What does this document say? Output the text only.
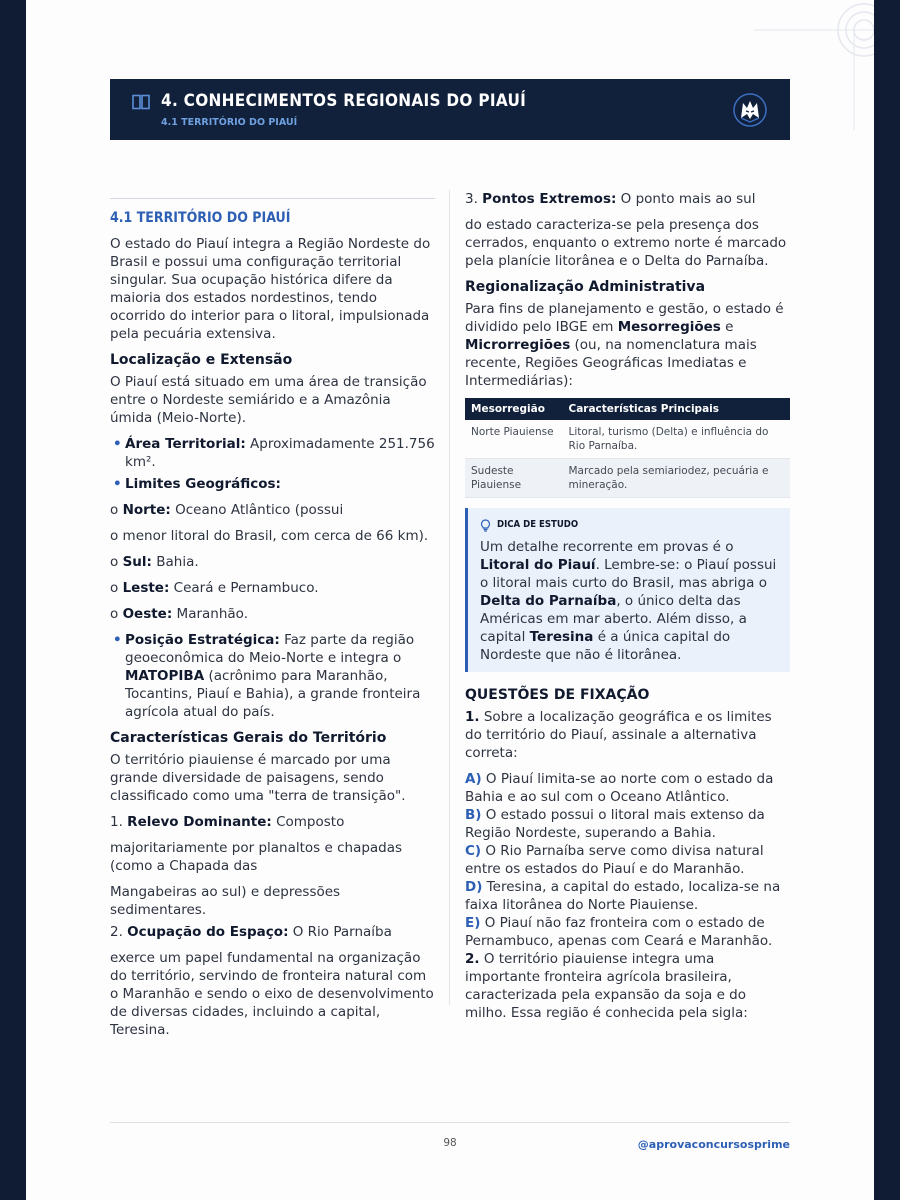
4. CONHECIMENTOS REGIONAIS DO PIAUÍ
4.1 TERRITÓRIO DO PIAUÍ
4.1 TERRITÓRIO DO PIAUÍ

O estado do Piauí integra a Região Nordeste do Brasil e possui uma configuração territorial singular. Sua ocupação histórica difere da maioria dos estados nordestinos, tendo ocorrido do interior para o litoral, impulsionada pela pecuária extensiva.

Localização e Extensão

O Piauí está situado em uma área de transição entre o Nordeste semiárido e a Amazônia úmida (Meio-Norte).

• Área Territorial: Aproximadamente 251.756 km².
• Limites Geográficos:

o Norte: Oceano Atlântico (possui

o menor litoral do Brasil, com cerca de 66 km).

o Sul: Bahia.

o Leste: Ceará e Pernambuco.

o Oeste: Maranhão.

• Posição Estratégica: Faz parte da região geoeconômica do Meio-Norte e integra o MATOPIBA (acrônimo para Maranhão, Tocantins, Piauí e Bahia), a grande fronteira agrícola atual do país.
Características Gerais do Território

O território piauiense é marcado por uma grande diversidade de paisagens, sendo classificado como uma "terra de transição".

1. Relevo Dominante: Composto

majoritariamente por planaltos e chapadas (como a Chapada das

Mangabeiras ao sul) e depressões sedimentares.

2. Ocupação do Espaço: O Rio Parnaíba

exerce um papel fundamental na organização do território, servindo de fronteira natural com o Maranhão e sendo o eixo de desenvolvimento de diversas cidades, incluindo a capital, Teresina.

3. Pontos Extremos: O ponto mais ao sul

do estado caracteriza-se pela presença dos cerrados, enquanto o extremo norte é marcado pela planície litorânea e o Delta do Parnaíba.

Regionalização Administrativa

Para fins de planejamento e gestão, o estado é dividido pelo IBGE em Mesorregiões e Microrregiões (ou, na nomenclatura mais recente, Regiões Geográficas Imediatas e Intermediárias):

Mesorregião	Características Principais
Norte Piauiense	Litoral, turismo (Delta) e influência do Rio Parnaíba.
Sudeste Piauiense	Marcado pela semiariodez, pecuária e mineração.
DICA DE ESTUDO

Um detalhe recorrente em provas é o Litoral do Piauí. Lembre-se: o Piauí possui o litoral mais curto do Brasil, mas abriga o Delta do Parnaíba, o único delta das Américas em mar aberto. Além disso, a capital Teresina é a única capital do Nordeste que não é litorânea.

QUESTÕES DE FIXAÇÃO

1. Sobre a localização geográfica e os limites do território do Piauí, assinale a alternativa correta:

A) O Piauí limita-se ao norte com o estado da Bahia e ao sul com o Oceano Atlântico.

B) O estado possui o litoral mais extenso da Região Nordeste, superando a Bahia.

C) O Rio Parnaíba serve como divisa natural entre os estados do Piauí e do Maranhão.

D) Teresina, a capital do estado, localiza-se na faixa litorânea do Norte Piauiense.

E) O Piauí não faz fronteira com o estado de Pernambuco, apenas com Ceará e Maranhão.

2. O território piauiense integra uma importante fronteira agrícola brasileira, caracterizada pela expansão da soja e do milho. Essa região é conhecida pela sigla:

98	@aprovaconcursosprime
